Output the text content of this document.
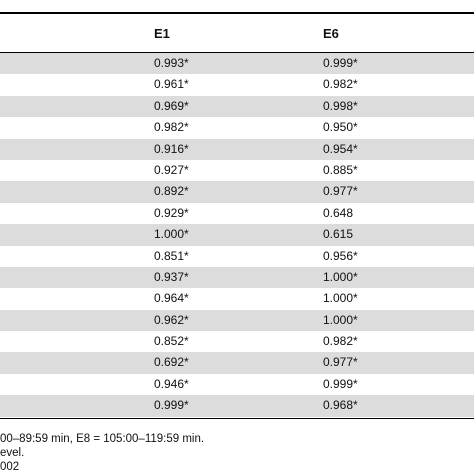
E1	E6
0.993*	0.999*
0.961*	0.982*
0.969*	0.998*
0.982*	0.950*
0.916*	0.954*
0.927*	0.885*
0.892*	0.977*
0.929*	0.648
1.000*	0.615
0.851*	0.956*
0.937*	1.000*
0.964*	1.000*
0.962*	1.000*
0.852*	0.982*
0.692*	0.977*
0.946*	0.999*
0.999*	0.968*
00–89:59 min, E8 = 105:00–119:59 min.
evel.
002
